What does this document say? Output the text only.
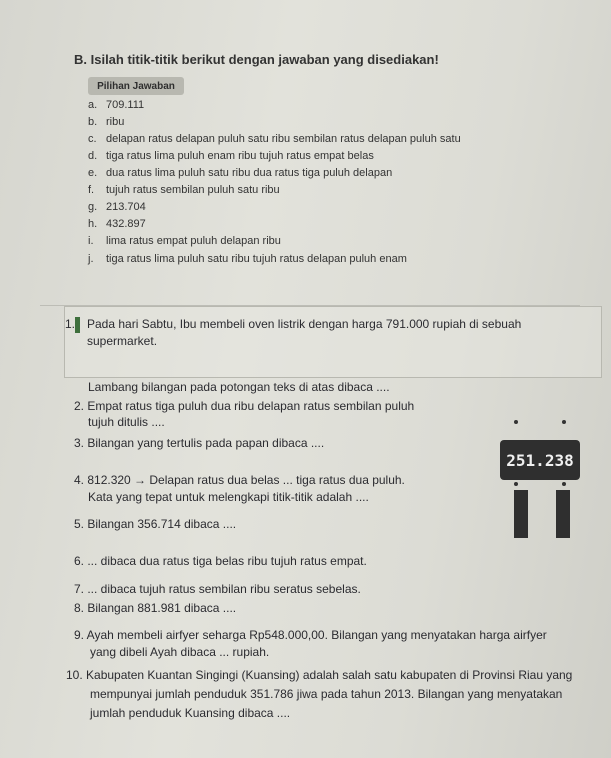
B. Isilah titik-titik berikut dengan jawaban yang disediakan!
Pilihan Jawaban
a. 709.111
b. ribu
c. delapan ratus delapan puluh satu ribu sembilan ratus delapan puluh satu
d. tiga ratus lima puluh enam ribu tujuh ratus empat belas
e. dua ratus lima puluh satu ribu dua ratus tiga puluh delapan
f. tujuh ratus sembilan puluh satu ribu
g. 213.704
h. 432.897
i. lima ratus empat puluh delapan ribu
j. tiga ratus lima puluh satu ribu tujuh ratus delapan puluh enam
1. Pada hari Sabtu, Ibu membeli oven listrik dengan harga 791.000 rupiah di sebuah
supermarket.
Lambang bilangan pada potongan teks di atas dibaca ....
2. Empat ratus tiga puluh dua ribu delapan ratus sembilan puluh
tujuh ditulis ....
3. Bilangan yang tertulis pada papan dibaca ....
251.238
4. 812.320 → Delapan ratus dua belas ... tiga ratus dua puluh.
Kata yang tepat untuk melengkapi titik-titik adalah ....
5. Bilangan 356.714 dibaca ....
6. ... dibaca dua ratus tiga belas ribu tujuh ratus empat.
7. ... dibaca tujuh ratus sembilan ribu seratus sebelas.
8. Bilangan 881.981 dibaca ....
9. Ayah membeli airfyer seharga Rp548.000,00. Bilangan yang menyatakan harga airfyer
yang dibeli Ayah dibaca ... rupiah.
10. Kabupaten Kuantan Singingi (Kuansing) adalah salah satu kabupaten di Provinsi Riau yang
mempunyai jumlah penduduk 351.786 jiwa pada tahun 2013. Bilangan yang menyatakan
jumlah penduduk Kuansing dibaca ....
